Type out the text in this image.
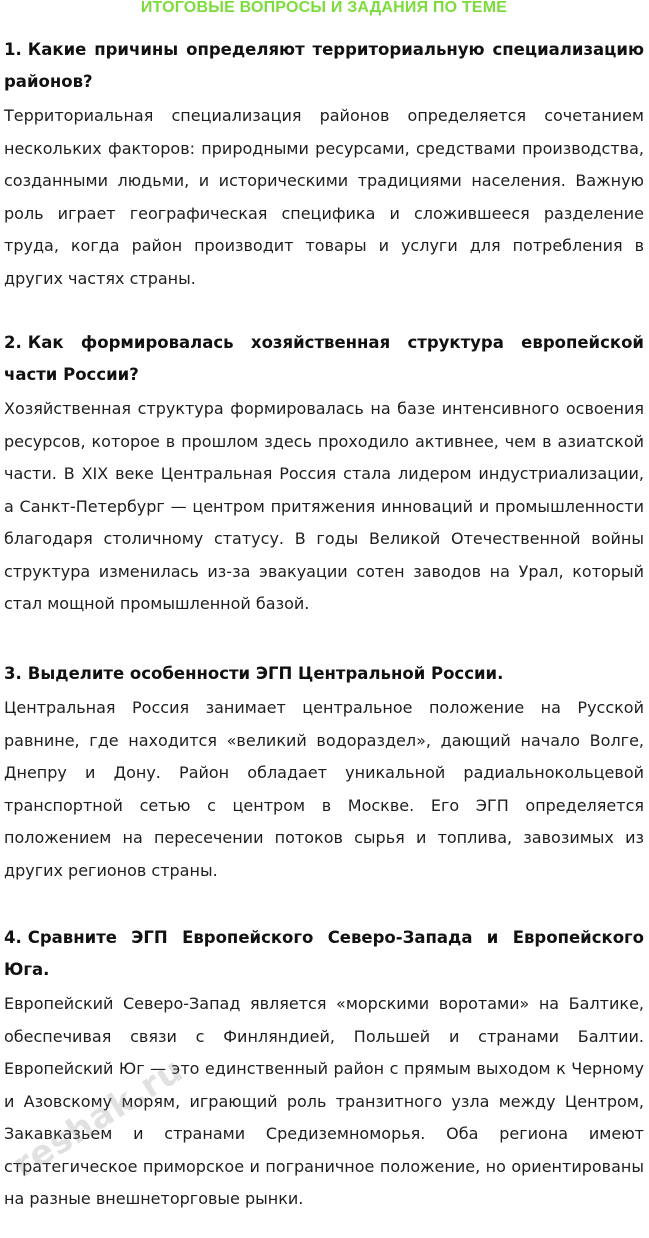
ИТОГОВЫЕ ВОПРОСЫ И ЗАДАНИЯ ПО ТЕМЕ

1. Какие причины определяют территориальную специализацию районов?

Территориальная специализация районов определяется сочетанием нескольких факторов: природными ресурсами, средствами производства, созданными людьми, и историческими традициями населения. Важную роль играет географическая специфика и сложившееся разделение труда, когда район производит товары и услуги для потребления в других частях страны.

2. Как формировалась хозяйственная структура европейской части России?

Хозяйственная структура формировалась на базе интенсивного освоения ресурсов, которое в прошлом здесь проходило активнее, чем в азиатской части. В XIX веке Центральная Россия стала лидером индустриализации, а Санкт-Петербург — центром притяжения инноваций и промышленности благодаря столичному статусу. В годы Великой Отечественной войны структура изменилась из-за эвакуации сотен заводов на Урал, который стал мощной промышленной базой.

3. Выделите особенности ЭГП Центральной России.

Центральная Россия занимает центральное положение на Русской равнине, где находится «великий водораздел», дающий начало Волге, Днепру и Дону. Район обладает уникальной радиальнокольцевой транспортной сетью с центром в Москве. Его ЭГП определяется положением на пересечении потоков сырья и топлива, завозимых из других регионов страны.

4. Сравните ЭГП Европейского Северо-Запада и Европейского Юга.

Европейский Северо-Запад является «морскими воротами» на Балтике, обеспечивая связи с Финляндией, Польшей и странами Балтии. Европейский Юг — это единственный район с прямым выходом к Черному и Азовскому морям, играющий роль транзитного узла между Центром, Закавказьем и странами Средиземноморья. Оба региона имеют стратегическое приморское и пограничное положение, но ориентированы на разные внешнеторговые рынки.

reshak.ru
